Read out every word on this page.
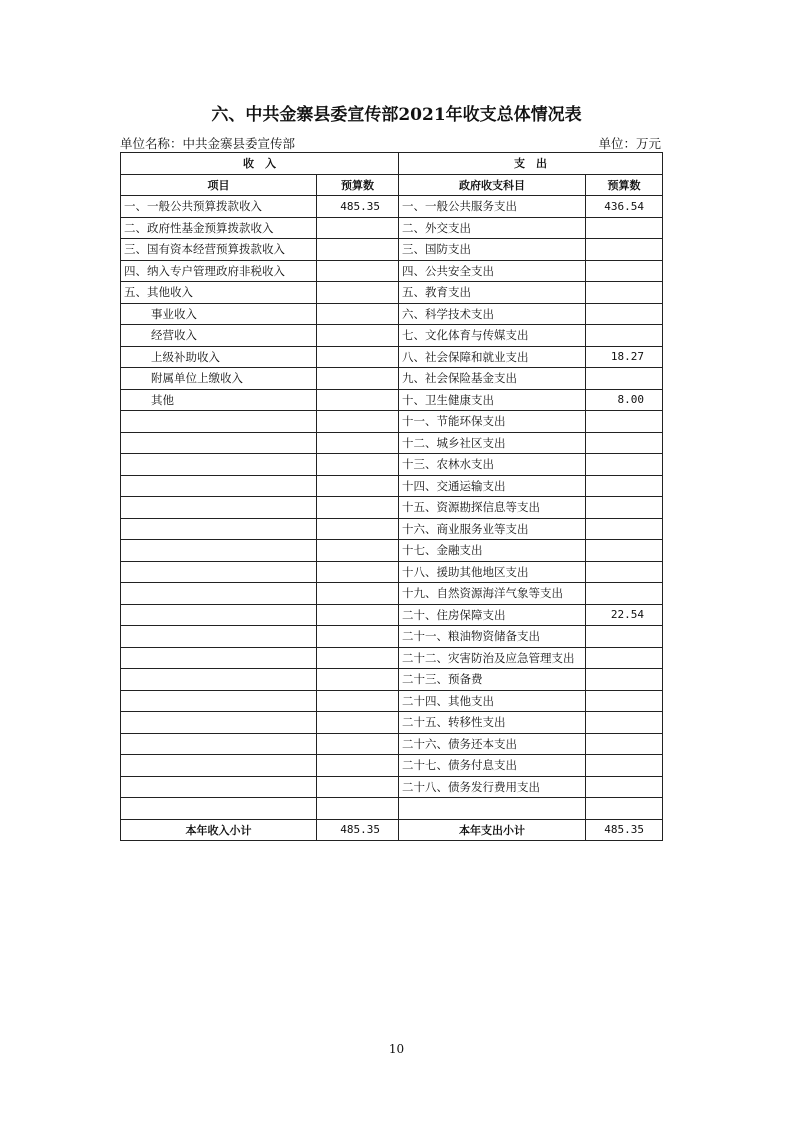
六、中共金寨县委宣传部2021年收支总体情况表
单位名称：中共金寨县委宣传部	单位：万元
收　入		支　出	
项目	预算数	政府收支科目	预算数
一、一般公共预算拨款收入	485.35	一、一般公共服务支出	436.54
二、政府性基金预算拨款收入		二、外交支出	
三、国有资本经营预算拨款收入		三、国防支出	
四、纳入专户管理政府非税收入		四、公共安全支出	
五、其他收入		五、教育支出	
事业收入		六、科学技术支出	
经营收入		七、文化体育与传媒支出	
上级补助收入		八、社会保障和就业支出	18.27
附属单位上缴收入		九、社会保险基金支出	
其他		十、卫生健康支出	8.00
		十一、节能环保支出	
		十二、城乡社区支出	
		十三、农林水支出	
		十四、交通运输支出	
		十五、资源勘探信息等支出	
		十六、商业服务业等支出	
		十七、金融支出	
		十八、援助其他地区支出	
		十九、自然资源海洋气象等支出	
		二十、住房保障支出	22.54
		二十一、粮油物资储备支出	
		二十二、灾害防治及应急管理支出	
		二十三、预备费	
		二十四、其他支出	
		二十五、转移性支出	
		二十六、债务还本支出	
		二十七、债务付息支出	
		二十八、债务发行费用支出	

本年收入小计	485.35	本年支出小计	485.35
10
